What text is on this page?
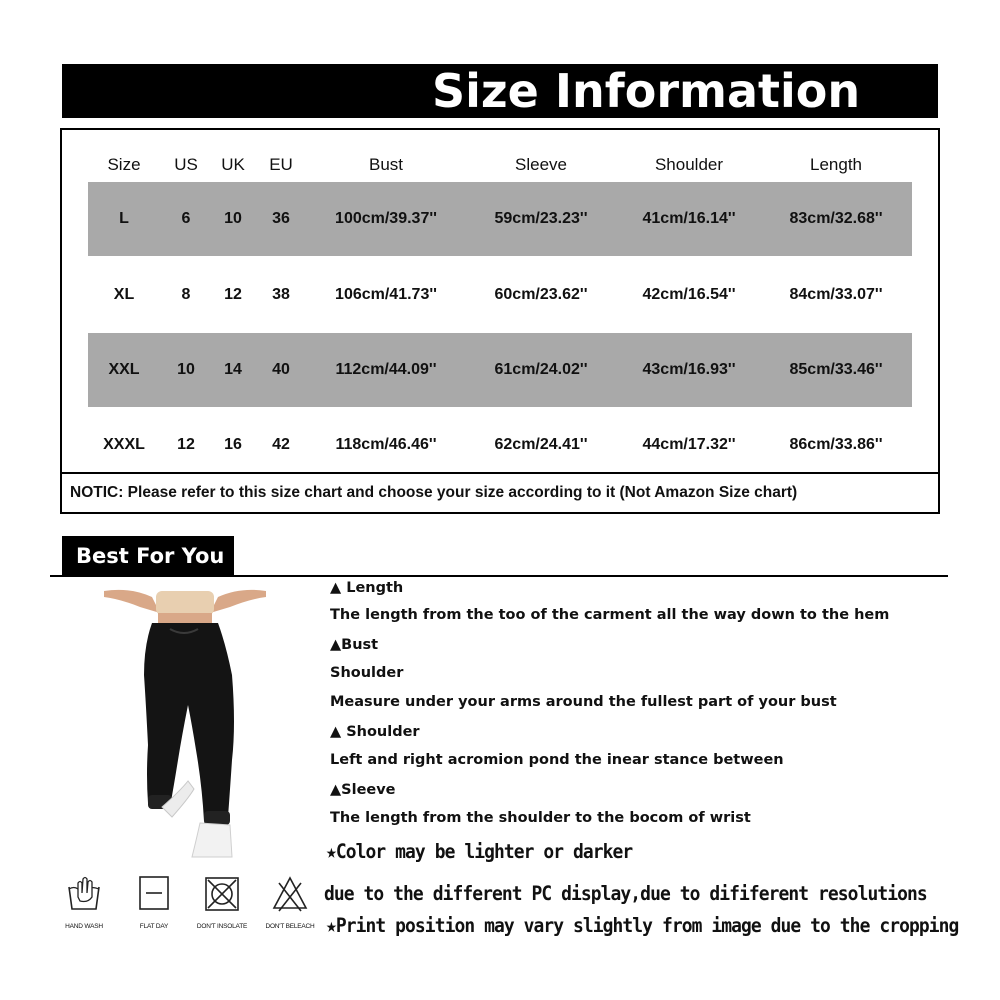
Size Information
Size US UK EU	Bust	Sleeve	Shoulder	Length
L	6 10 36	100cm/39.37''	59cm/23.23''	41cm/16.14''	83cm/32.68''
XL	8 12 38	106cm/41.73''	60cm/23.62''	42cm/16.54''	84cm/33.07''
XXL 10 14 40	112cm/44.09''	61cm/24.02''	43cm/16.93''	85cm/33.46''
XXXL 12 16 42	118cm/46.46''	62cm/24.41''	44cm/17.32''	86cm/33.86''
NOTIC: Please refer to this size chart and choose your size according to it (Not Amazon Size chart)
Best For You
▲ Length
The length from the too of the carment all the way down to the hem
▲Bust
Shoulder
Measure under your arms around the fullest part of your bust
▲ Shoulder
Left and right acromion pond the inear stance between
▲Sleeve
The length from the shoulder to the bocom of wrist
★Color may be lighter or darker
due to the different PC display,due to dififerent resolutions
★Print position may vary slightly from image due to the cropping
HAND WASH	FLAT DAY	DON'T INSOLATE	DON'T BELEACH
